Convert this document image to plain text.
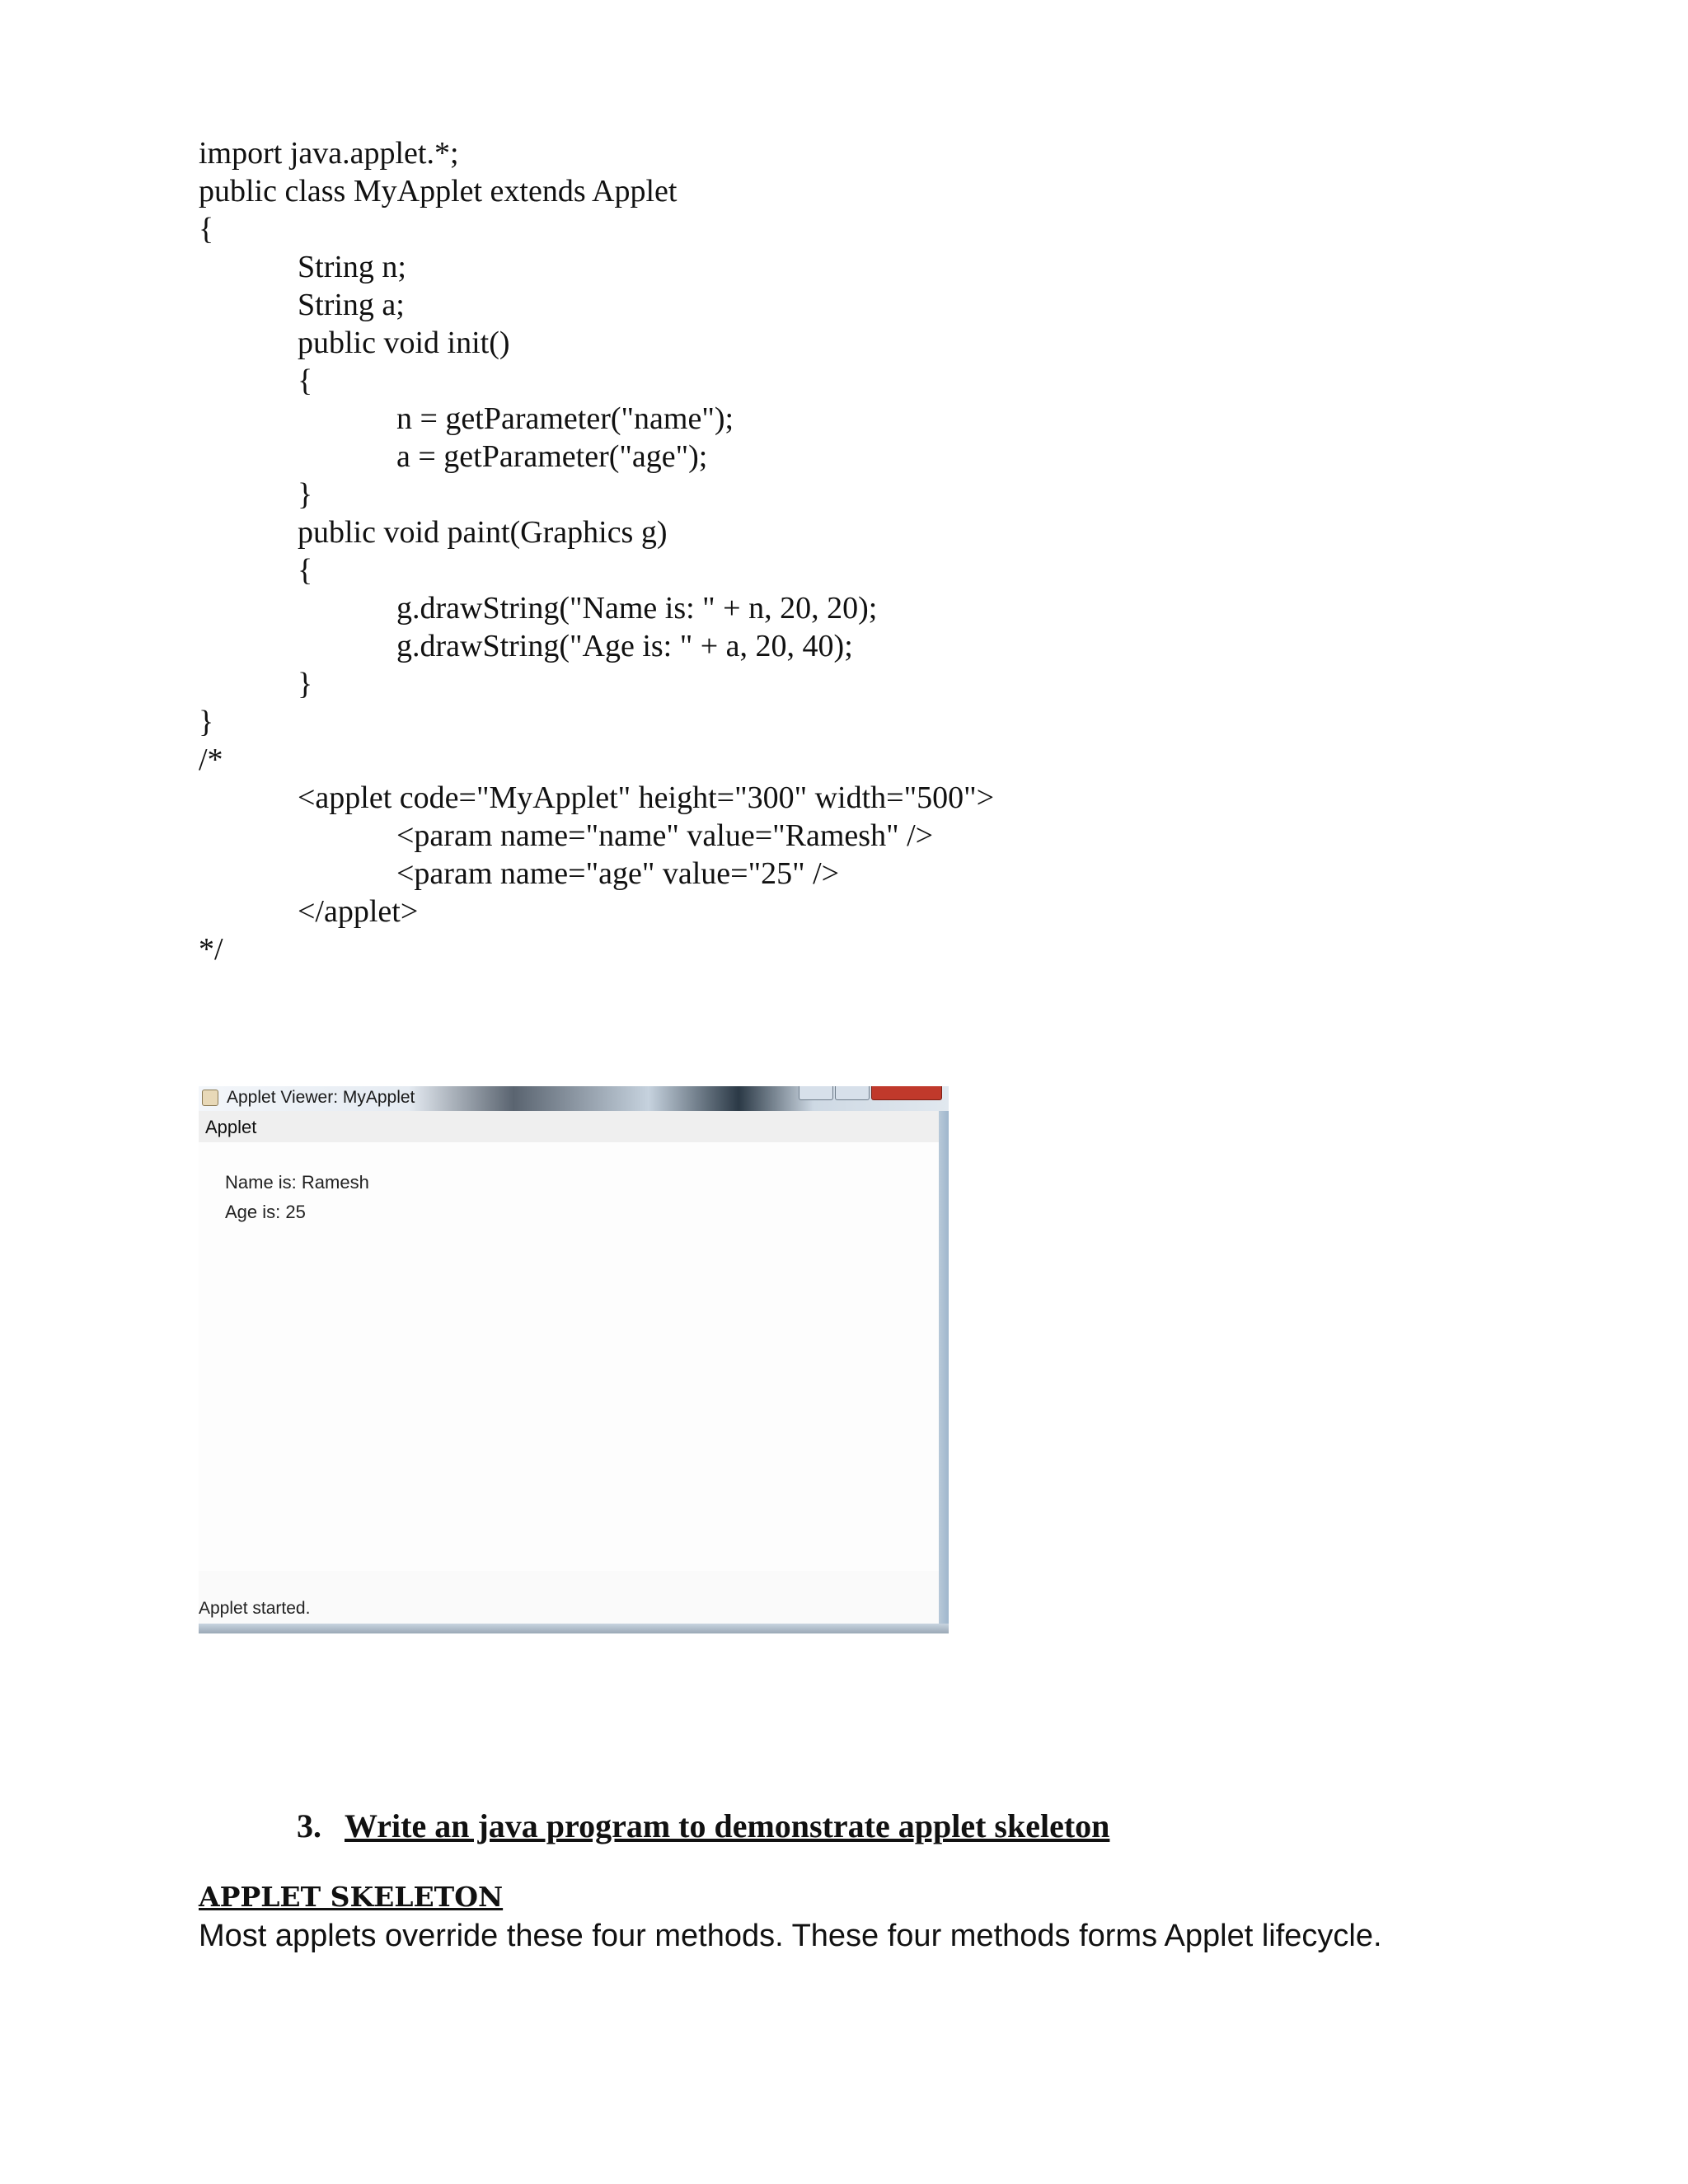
import java.applet.*;
public class MyApplet extends Applet
{
String n;
String a;
public void init()
{
n = getParameter("name");
a = getParameter("age");
}
public void paint(Graphics g)
{
g.drawString("Name is: " + n, 20, 20);
g.drawString("Age is: " + a, 20, 40);
}
}
/*
<applet code="MyApplet" height="300" width="500">
<param name="name" value="Ramesh" />
<param name="age" value="25" />
</applet>
*/
Applet Viewer: MyApplet
Applet
Name is: Ramesh
Age is: 25
Applet started.
3. Write an java program to demonstrate applet skeleton
APPLET SKELETON
Most applets override these four methods. These four methods forms Applet lifecycle.
